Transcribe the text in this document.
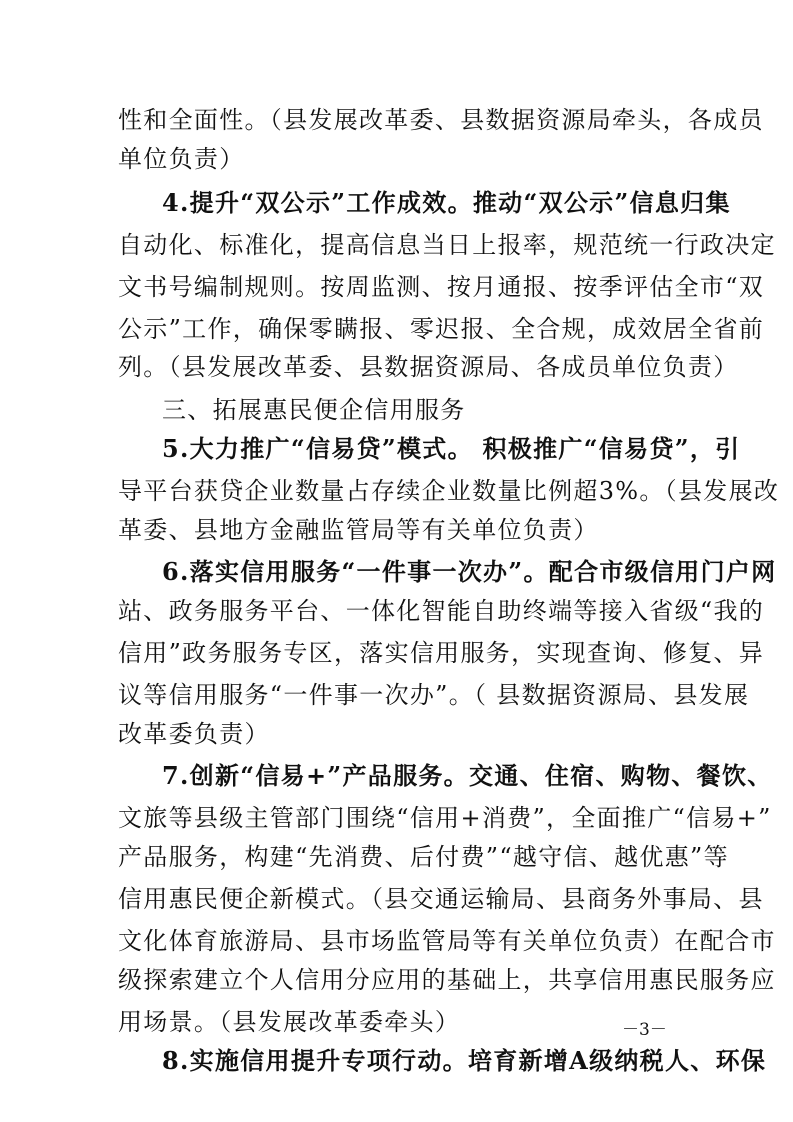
性和全面性。（县发展改革委、县数据资源局牵头，各成员
单位负责）
4.提升“双公示”工作成效。推动“双公示”信息归集
自动化、标准化，提高信息当日上报率，规范统一行政决定
文书号编制规则。按周监测、按月通报、按季评估全市“双
公示”工作，确保零瞒报、零迟报、全合规，成效居全省前
列。（县发展改革委、县数据资源局、各成员单位负责）
三、拓展惠民便企信用服务
5.大力推广“信易贷”模式。 积极推广“信易贷”，引
导平台获贷企业数量占存续企业数量比例超3%。（县发展改
革委、县地方金融监管局等有关单位负责）
6.落实信用服务“一件事一次办”。配合市级信用门户网
站、政务服务平台、一体化智能自助终端等接入省级“我的
信用”政务服务专区，落实信用服务，实现查询、修复、异
议等信用服务“一件事一次办”。（ 县数据资源局、县发展
改革委负责）
7.创新“信易+”产品服务。交通、住宿、购物、餐饮、
文旅等县级主管部门围绕“信用+消费”，全面推广“信易+”
产品服务，构建“先消费、后付费”“越守信、越优惠”等
信用惠民便企新模式。（县交通运输局、县商务外事局、县
文化体育旅游局、县市场监管局等有关单位负责）在配合市
级探索建立个人信用分应用的基础上，共享信用惠民服务应
用场景。（县发展改革委牵头）
8.实施信用提升专项行动。培育新增A级纳税人、环保
－3－
